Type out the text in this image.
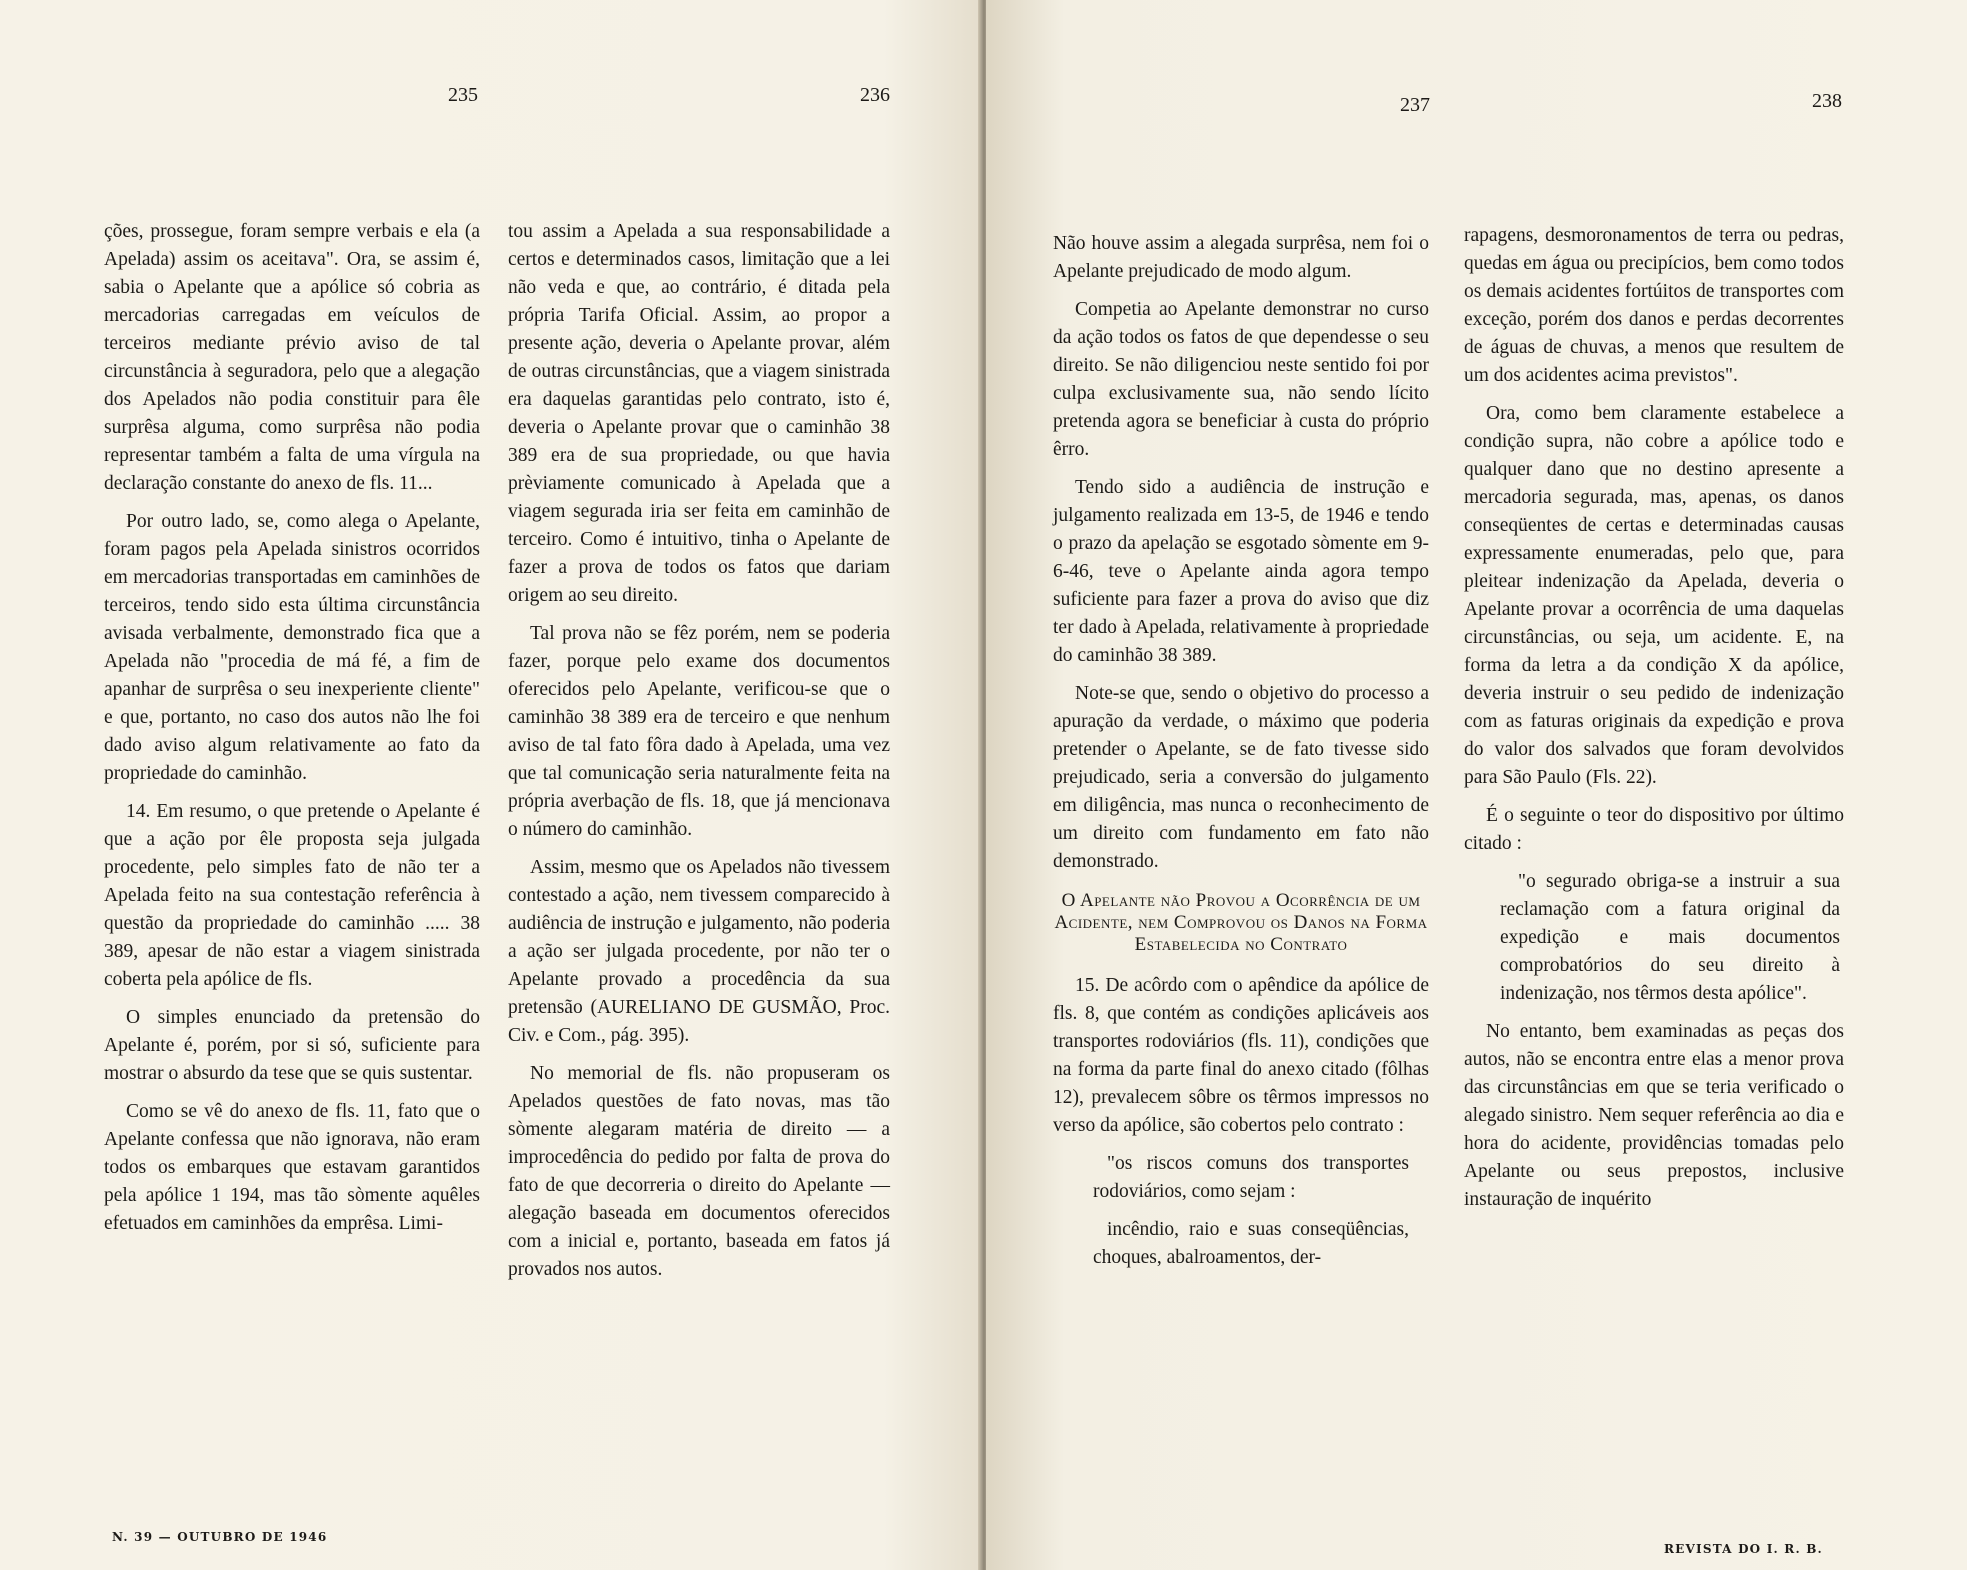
235	236

ções, prossegue, foram sempre verbais e ela (a Apelada) assim os aceitava". Ora, se assim é, sabia o Apelante que a apólice só cobria as mercadorias carregadas em veículos de terceiros mediante prévio aviso de tal circunstância à seguradora, pelo que a alegação dos Apelados não podia constituir para êle surprêsa alguma, como surprêsa não podia representar também a falta de uma vírgula na declaração constante do anexo de fls. 11...

Por outro lado, se, como alega o Apelante, foram pagos pela Apelada sinistros ocorridos em mercadorias transportadas em caminhões de terceiros, tendo sido esta última circunstância avisada verbalmente, demonstrado fica que a Apelada não "procedia de má fé, a fim de apanhar de surprêsa o seu inexperiente cliente" e que, portanto, no caso dos autos não lhe foi dado aviso algum relativamente ao fato da propriedade do caminhão.

14. Em resumo, o que pretende o Apelante é que a ação por êle proposta seja julgada procedente, pelo simples fato de não ter a Apelada feito na sua contestação referência à questão da propriedade do caminhão ..... 38 389, apesar de não estar a viagem sinistrada coberta pela apólice de fls.

O simples enunciado da pretensão do Apelante é, porém, por si só, suficiente para mostrar o absurdo da tese que se quis sustentar.

Como se vê do anexo de fls. 11, fato que o Apelante confessa que não ignorava, não eram todos os embarques que estavam garantidos pela apólice 1 194, mas tão sòmente aquêles efetuados em caminhões da emprêsa. Limi-

tou assim a Apelada a sua responsabilidade a certos e determinados casos, limitação que a lei não veda e que, ao contrário, é ditada pela própria Tarifa Oficial. Assim, ao propor a presente ação, deveria o Apelante provar, além de outras circunstâncias, que a viagem sinistrada era daquelas garantidas pelo contrato, isto é, deveria o Apelante provar que o caminhão 38 389 era de sua propriedade, ou que havia prèviamente comunicado à Apelada que a viagem segurada iria ser feita em caminhão de terceiro. Como é intuitivo, tinha o Apelante de fazer a prova de todos os fatos que dariam origem ao seu direito.

Tal prova não se fêz porém, nem se poderia fazer, porque pelo exame dos documentos oferecidos pelo Apelante, verificou-se que o caminhão 38 389 era de terceiro e que nenhum aviso de tal fato fôra dado à Apelada, uma vez que tal comunicação seria naturalmente feita na própria averbação de fls. 18, que já mencionava o número do caminhão.

Assim, mesmo que os Apelados não tivessem contestado a ação, nem tivessem comparecido à audiência de instrução e julgamento, não poderia a ação ser julgada procedente, por não ter o Apelante provado a procedência da sua pretensão (AURELIANO DE GUSMÃO, Proc. Civ. e Com., pág. 395).

No memorial de fls. não propuseram os Apelados questões de fato novas, mas tão sòmente alegaram matéria de direito — a improcedência do pedido por falta de prova do fato de que decorreria o direito do Apelante — alegação baseada em documentos oferecidos com a inicial e, portanto, baseada em fatos já provados nos autos.

N. 39 — OUTUBRO DE 1946
237	238

Não houve assim a alegada surprêsa, nem foi o Apelante prejudicado de modo algum.

Competia ao Apelante demonstrar no curso da ação todos os fatos de que dependesse o seu direito. Se não diligenciou neste sentido foi por culpa exclusivamente sua, não sendo lícito pretenda agora se beneficiar à custa do próprio êrro.

Tendo sido a audiência de instrução e julgamento realizada em 13-5, de 1946 e tendo o prazo da apelação se esgotado sòmente em 9-6-46, teve o Apelante ainda agora tempo suficiente para fazer a prova do aviso que diz ter dado à Apelada, relativamente à propriedade do caminhão 38 389.

Note-se que, sendo o objetivo do processo a apuração da verdade, o máximo que poderia pretender o Apelante, se de fato tivesse sido prejudicado, seria a conversão do julgamento em diligência, mas nunca o reconhecimento de um direito com fundamento em fato não demonstrado.

O Apelante não Provou a Ocorrência de um Acidente, nem Comprovou os Danos na Forma Estabelecida no Contrato

15. De acôrdo com o apêndice da apólice de fls. 8, que contém as condições aplicáveis aos transportes rodoviários (fls. 11), condições que na forma da parte final do anexo citado (fôlhas 12), prevalecem sôbre os têrmos impressos no verso da apólice, são cobertos pelo contrato :

"os riscos comuns dos transportes rodoviários, como sejam :

incêndio, raio e suas conseqüências, choques, abalroamentos, der-

rapagens, desmoronamentos de terra ou pedras, quedas em água ou precipícios, bem como todos os demais acidentes fortúitos de transportes com exceção, porém dos danos e perdas decorrentes de águas de chuvas, a menos que resultem de um dos acidentes acima previstos".

Ora, como bem claramente estabelece a condição supra, não cobre a apólice todo e qualquer dano que no destino apresente a mercadoria segurada, mas, apenas, os danos conseqüentes de certas e determinadas causas expressamente enumeradas, pelo que, para pleitear indenização da Apelada, deveria o Apelante provar a ocorrência de uma daquelas circunstâncias, ou seja, um acidente. E, na forma da letra a da condição X da apólice, deveria instruir o seu pedido de indenização com as faturas originais da expedição e prova do valor dos salvados que foram devolvidos para São Paulo (Fls. 22).

É o seguinte o teor do dispositivo por último citado :

"o segurado obriga-se a instruir a sua reclamação com a fatura original da expedição e mais documentos comprobatórios do seu direito à indenização, nos têrmos desta apólice".

No entanto, bem examinadas as peças dos autos, não se encontra entre elas a menor prova das circunstâncias em que se teria verificado o alegado sinistro. Nem sequer referência ao dia e hora do acidente, providências tomadas pelo Apelante ou seus prepostos, inclusive instauração de inquérito

REVISTA DO I. R. B.
